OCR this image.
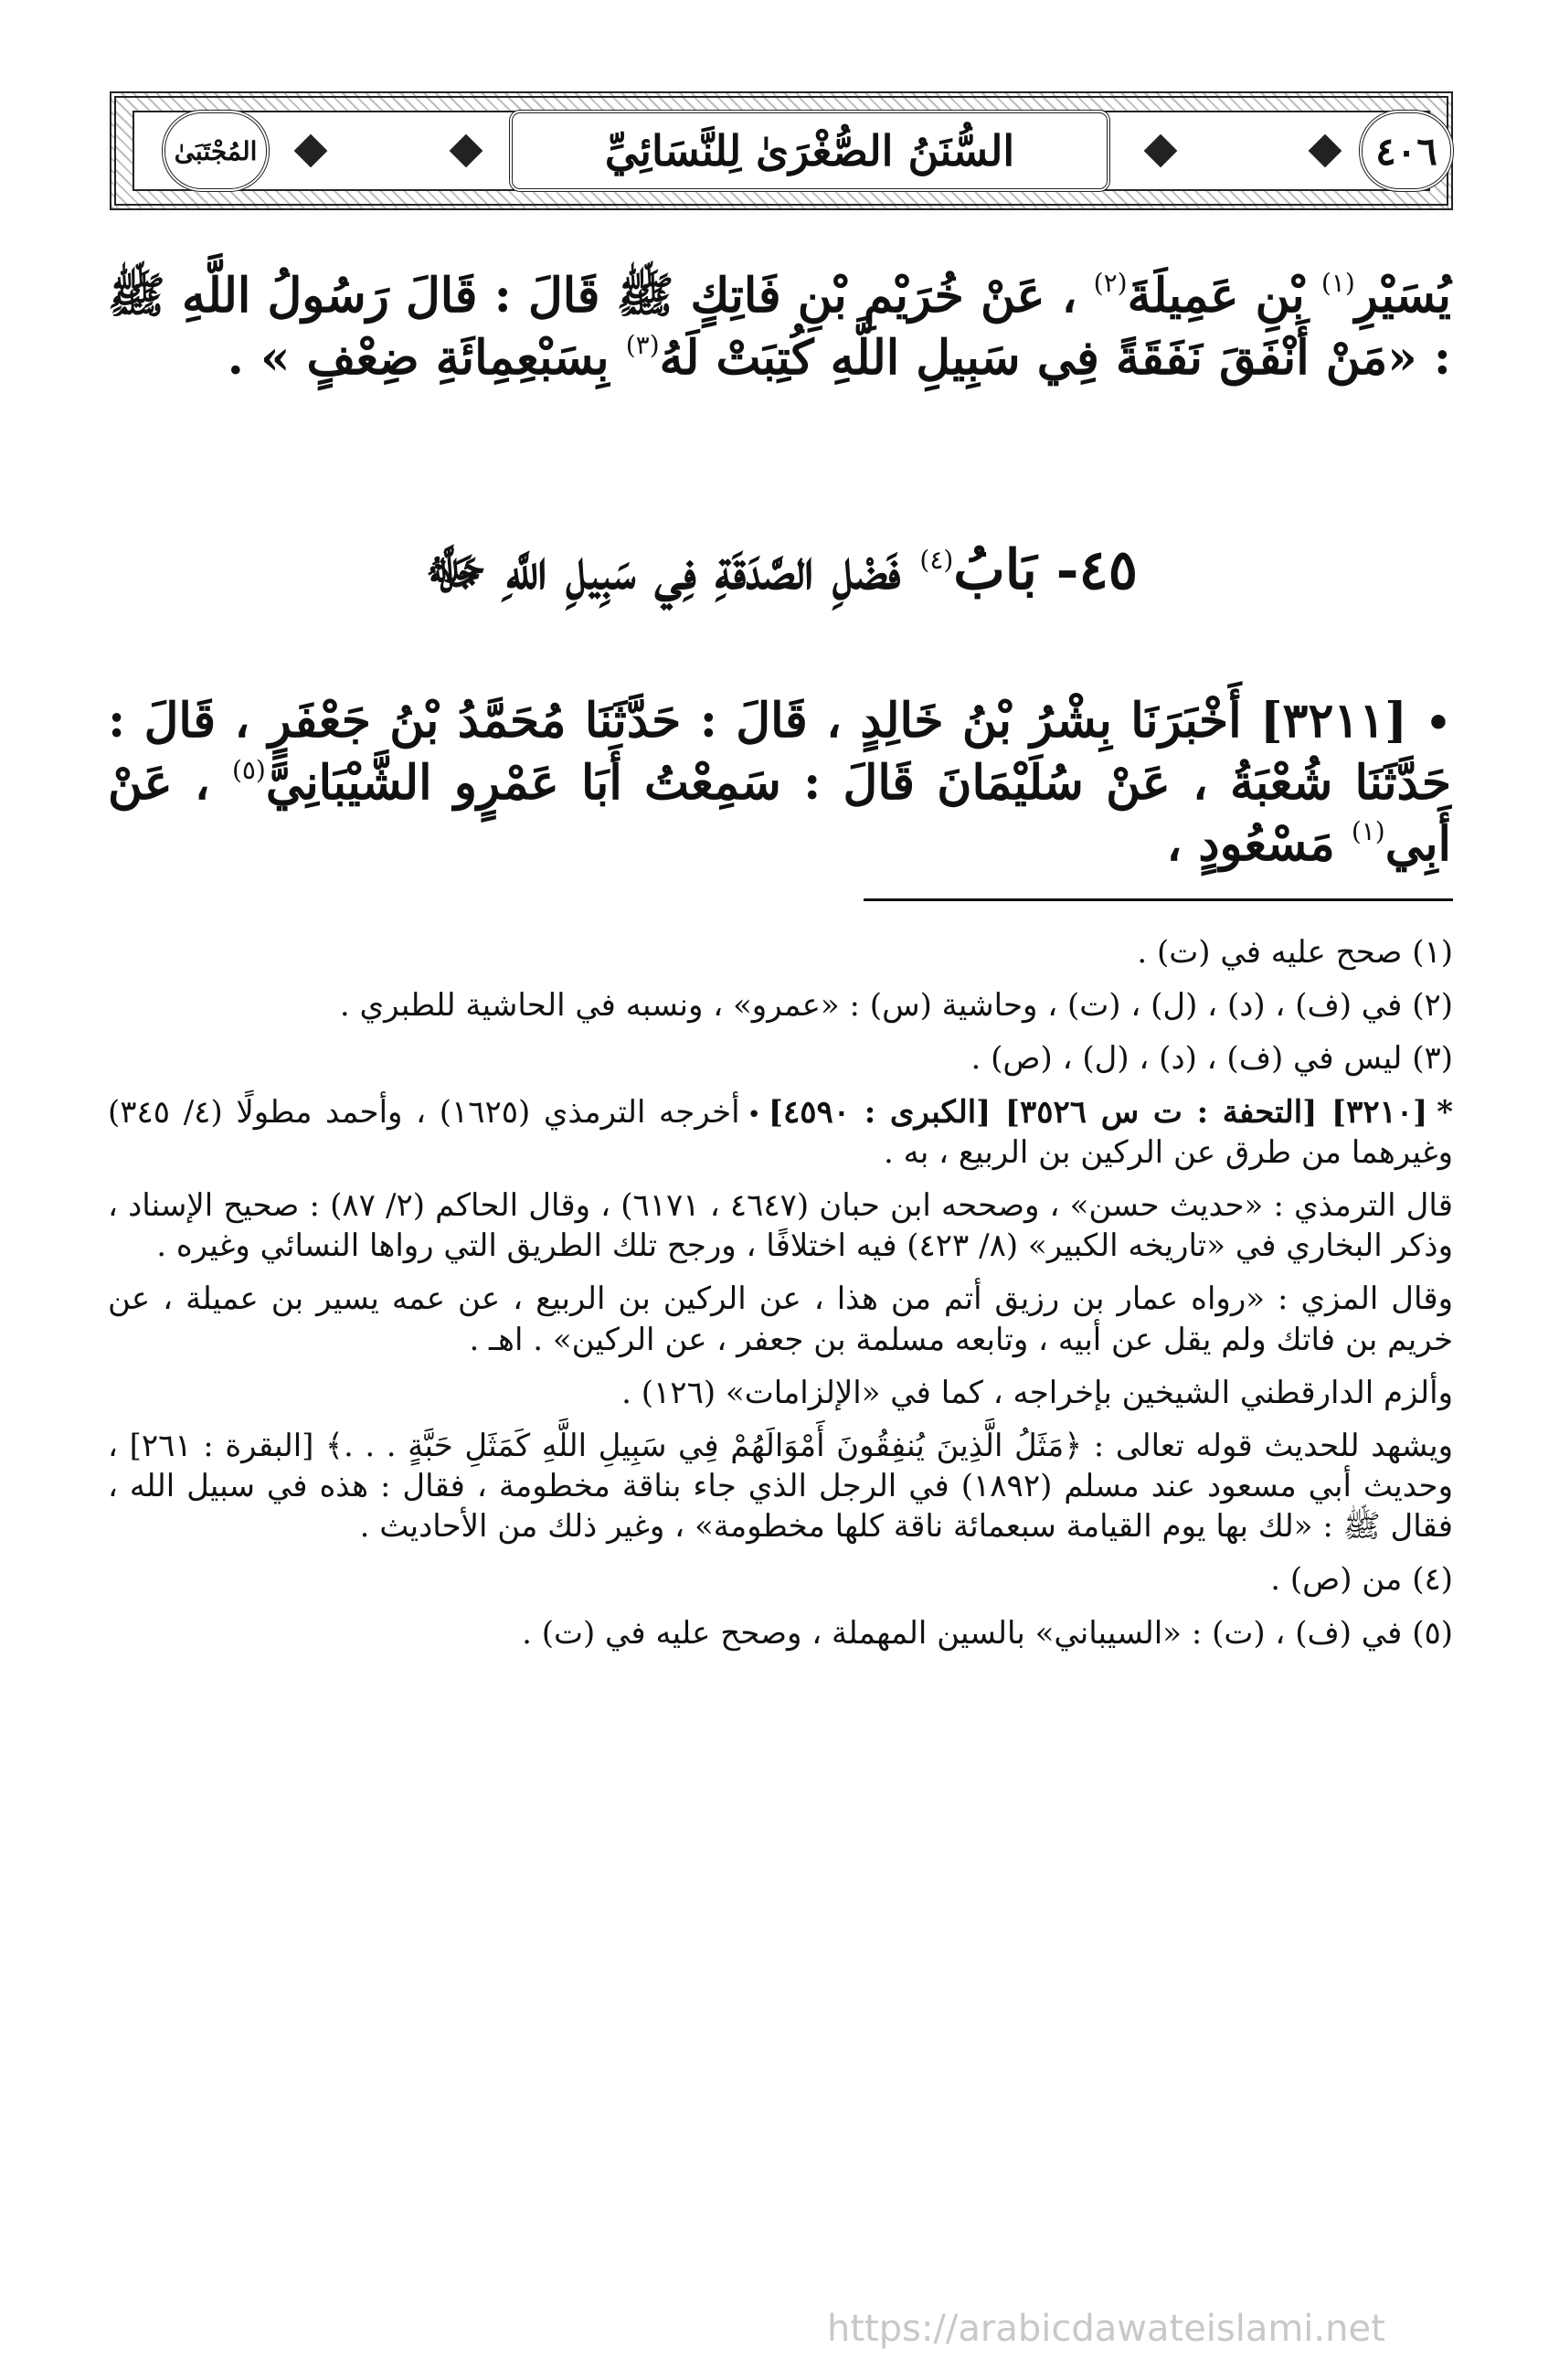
٤٠٦
السُّنَنُ الصُّغْرَىٰ لِلنَّسَائِيِّ
المُجْتَبَىٰ

يُسَيْرِ$^{(١)}$ بْنِ عَمِيلَةَ$^{(٢)}$ ، عَنْ خُرَيْمِ بْنِ فَاتِكٍ ﷺ قَالَ : قَالَ رَسُولُ اللَّهِ ﷺ : «مَنْ أَنْفَقَ نَفَقَةً فِي سَبِيلِ اللَّهِ كُتِبَتْ لَهُ$^{(٣)}$ بِسَبْعِمِائَةِ ضِعْفٍ » .

٤٥- بَابُ$^{(٤)}$ فَضْلِ الصَّدَقَةِ فِي سَبِيلِ اللَّهِ ﷻ

•[٣٢١١] أَخْبَرَنَا بِشْرُ بْنُ خَالِدٍ ، قَالَ : حَدَّثَنَا مُحَمَّدُ بْنُ جَعْفَرٍ ، قَالَ : حَدَّثَنَا شُعْبَةُ ، عَنْ سُلَيْمَانَ قَالَ : سَمِعْتُ أَبَا عَمْرٍو الشَّيْبَانِيَّ$^{(٥)}$ ، عَنْ أَبِي$^{(١)}$ مَسْعُودٍ ،

(١) صحح عليه في (ت) .

(٢) في (ف) ، (د) ، (ل) ، (ت) ، وحاشية (س) : «عمرو» ، ونسبه في الحاشية للطبري .

(٣) ليس في (ف) ، (د) ، (ل) ، (ص) .

*[٣٢١٠] [التحفة : ت س ٣٥٢٦] [الكبرى : ٤٥٩٠]•أخرجه الترمذي (١٦٢٥) ، وأحمد مطولًا (٤/ ٣٤٥) وغيرهما من طرق عن الركين بن الربيع ، به .

قال الترمذي : «حديث حسن» ، وصححه ابن حبان (٤٦٤٧ ، ٦١٧١) ، وقال الحاكم (٢/ ٨٧) : صحيح الإسناد ، وذكر البخاري في «تاريخه الكبير» (٨/ ٤٢٣) فيه اختلافًا ، ورجح تلك الطريق التي رواها النسائي وغيره .

وقال المزي : «رواه عمار بن رزيق أتم من هذا ، عن الركين بن الربيع ، عن عمه يسير بن عميلة ، عن خريم بن فاتك ولم يقل عن أبيه ، وتابعه مسلمة بن جعفر ، عن الركين» . اهـ .

وألزم الدارقطني الشيخين بإخراجه ، كما في «الإلزامات» (١٢٦) .

ويشهد للحديث قوله تعالى : ﴿مَثَلُ الَّذِينَ يُنفِقُونَ أَمْوَالَهُمْ فِي سَبِيلِ اللَّهِ كَمَثَلِ حَبَّةٍ . . .﴾ [البقرة : ٢٦١] ، وحديث أبي مسعود عند مسلم (١٨٩٢) في الرجل الذي جاء بناقة مخطومة ، فقال : هذه في سبيل الله ، فقال ﷺ : «لك بها يوم القيامة سبعمائة ناقة كلها مخطومة» ، وغير ذلك من الأحاديث .

(٤) من (ص) .

(٥) في (ف) ، (ت) : «السيباني» بالسين المهملة ، وصحح عليه في (ت) .

https://arabicdawateislami.net
